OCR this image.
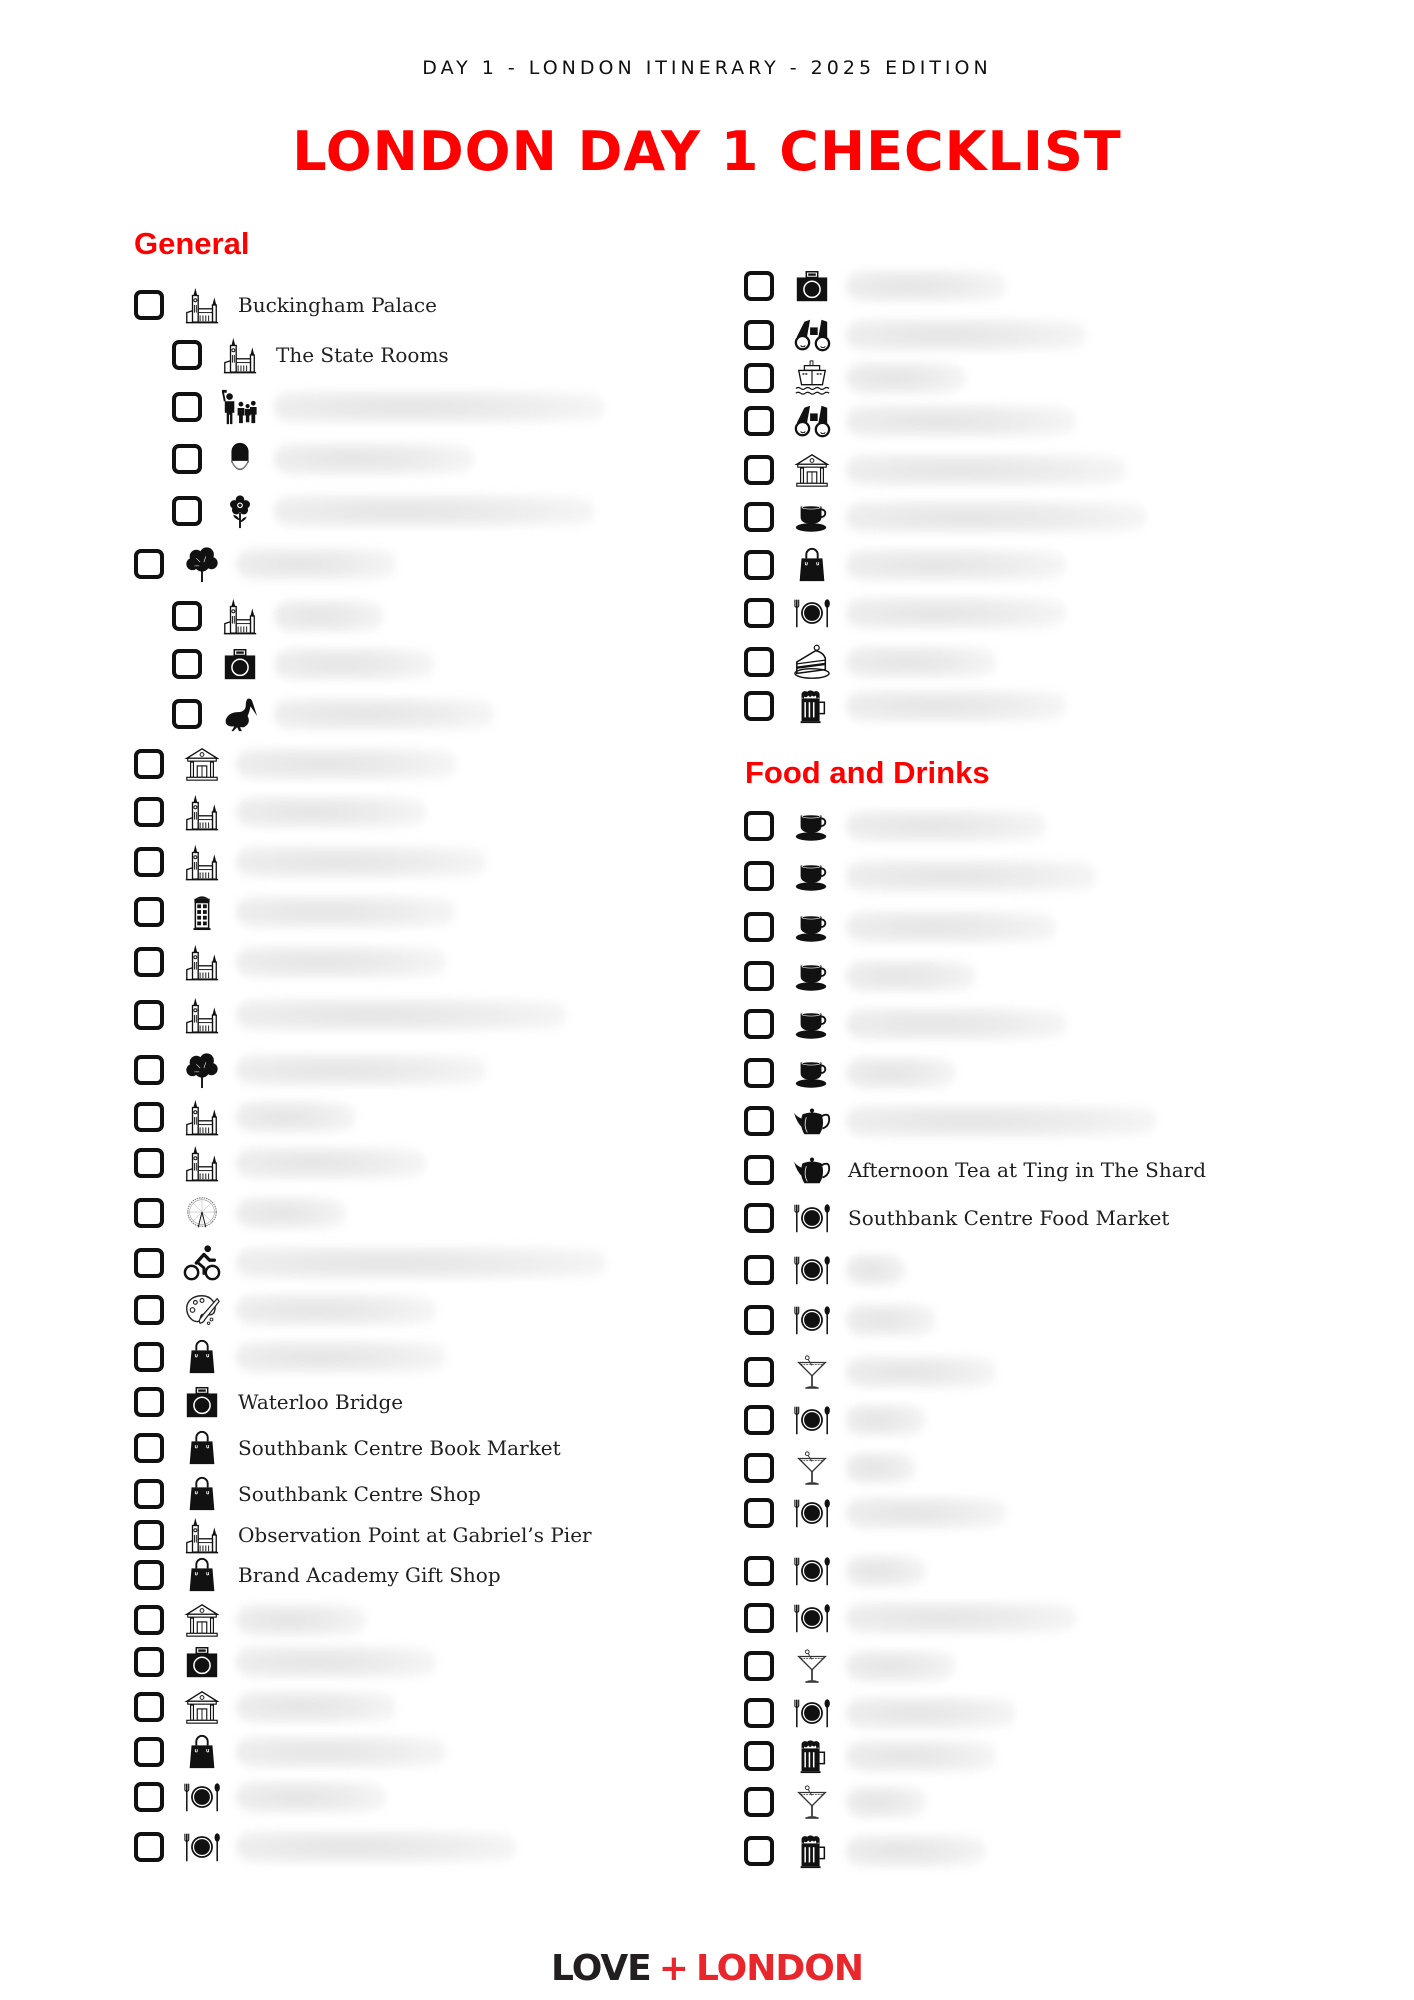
DAY 1 - LONDON ITINERARY - 2025 EDITION
LONDON DAY 1 CHECKLIST
General
Food and Drinks
Buckingham Palace
The State Rooms
Waterloo Bridge
Southbank Centre Book Market
Southbank Centre Shop
Observation Point at Gabriel’s Pier
Brand Academy Gift Shop
Afternoon Tea at Ting in The Shard
Southbank Centre Food Market
LOVE + LONDON
